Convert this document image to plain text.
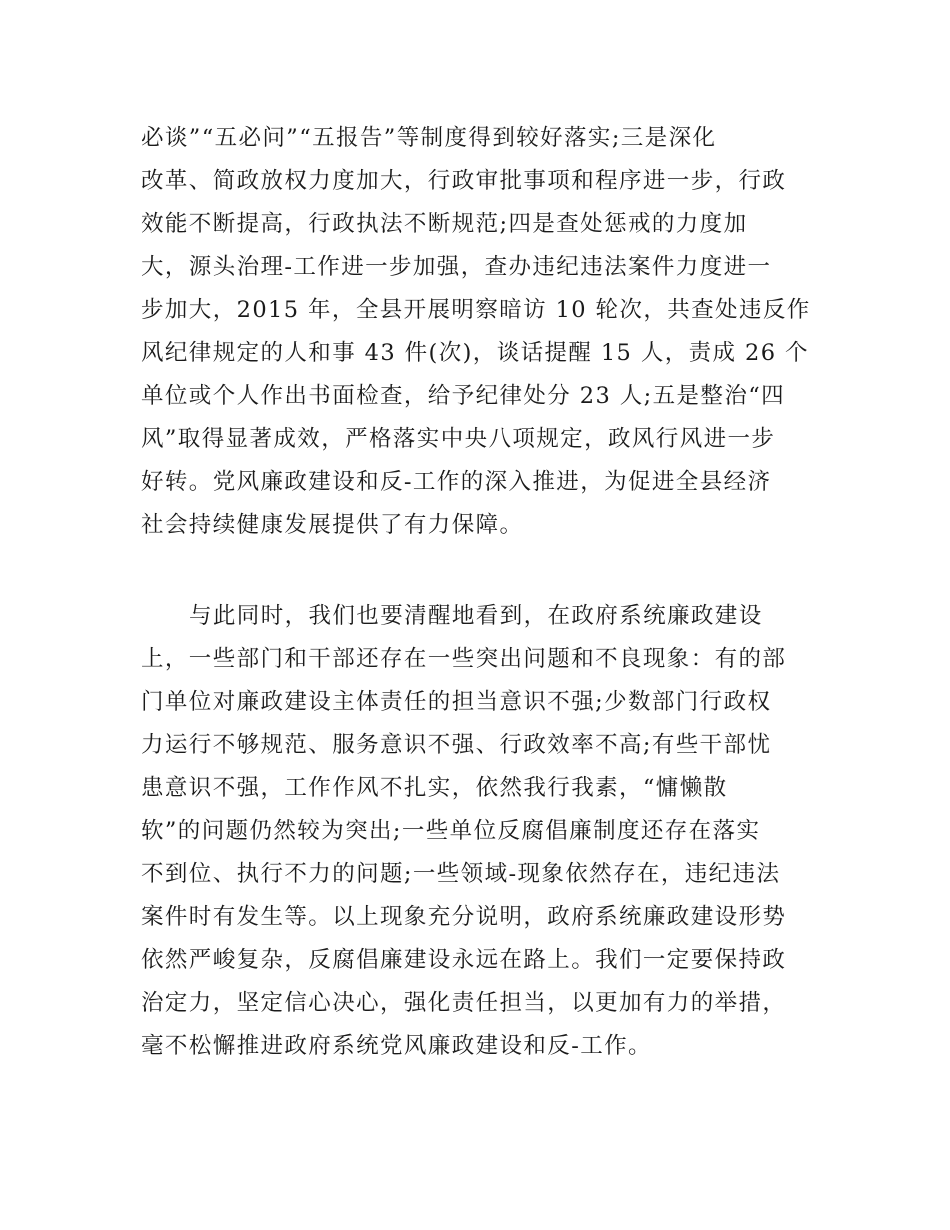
必谈”“五必问”“五报告”等制度得到较好落实;三是深化
改革、简政放权力度加大，行政审批事项和程序进一步，行政
效能不断提高，行政执法不断规范;四是查处惩戒的力度加
大，源头治理-工作进一步加强，查办违纪违法案件力度进一
步加大，2015 年，全县开展明察暗访 10 轮次，共查处违反作
风纪律规定的人和事 43 件(次)，谈话提醒 15 人，责成 26 个
单位或个人作出书面检查，给予纪律处分 23 人;五是整治“四
风”取得显著成效，严格落实中央八项规定，政风行风进一步
好转。党风廉政建设和反-工作的深入推进，为促进全县经济
社会持续健康发展提供了有力保障。
与此同时，我们也要清醒地看到，在政府系统廉政建设
上，一些部门和干部还存在一些突出问题和不良现象：有的部
门单位对廉政建设主体责任的担当意识不强;少数部门行政权
力运行不够规范、服务意识不强、行政效率不高;有些干部忧
患意识不强，工作作风不扎实，依然我行我素，“慵懒散
软”的问题仍然较为突出;一些单位反腐倡廉制度还存在落实
不到位、执行不力的问题;一些领域-现象依然存在，违纪违法
案件时有发生等。以上现象充分说明，政府系统廉政建设形势
依然严峻复杂，反腐倡廉建设永远在路上。我们一定要保持政
治定力，坚定信心决心，强化责任担当，以更加有力的举措，
毫不松懈推进政府系统党风廉政建设和反-工作。
